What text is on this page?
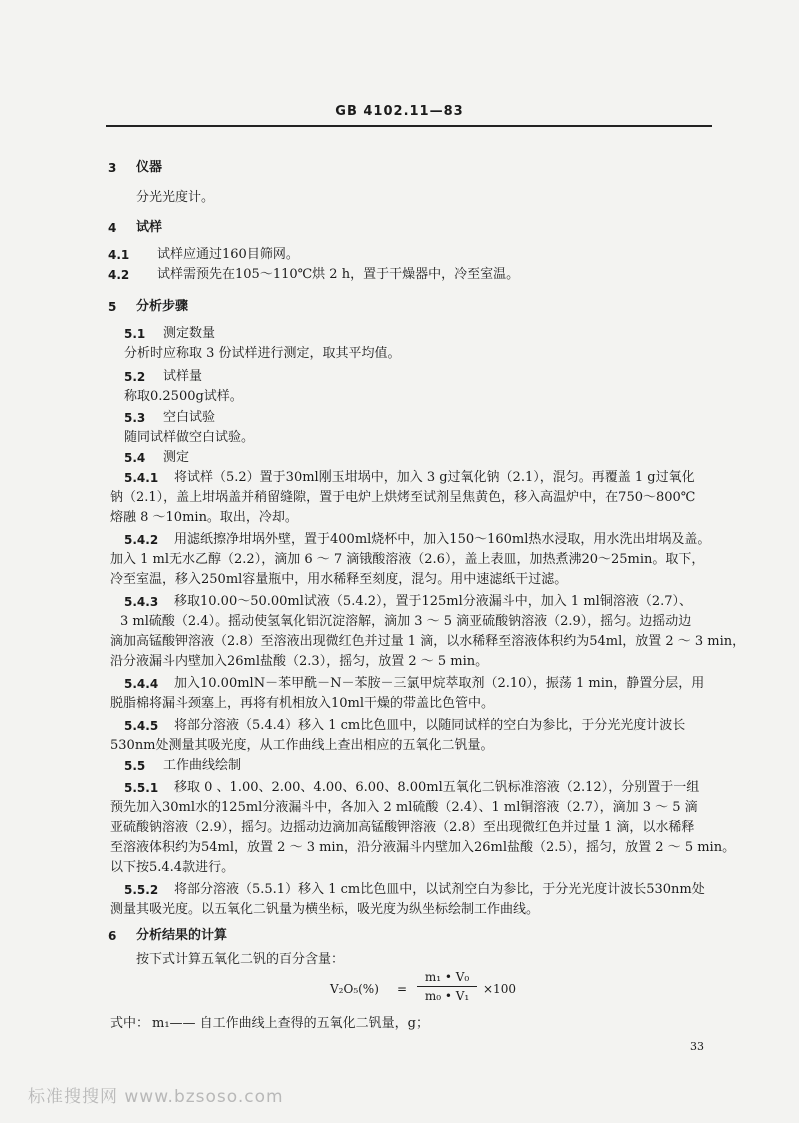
GB 4102.11—83
3 仪器
分光光度计。
4 试样
4.1 试样应通过160目筛网。
4.2 试样需预先在105～110℃烘 2 h，置于干燥器中，冷至室温。
5 分析步骤
5.1 测定数量
分析时应称取 3 份试样进行测定，取其平均值。
5.2 试样量
称取0.2500g试样。
5.3 空白试验
随同试样做空白试验。
5.4 测定
5.4.1 将试样（5.2）置于30ml刚玉坩埚中，加入 3 g过氧化钠（2.1），混匀。再覆盖 1 g过氧化
钠（2.1），盖上坩埚盖并稍留缝隙，置于电炉上烘烤至试剂呈焦黄色，移入高温炉中，在750～800℃
熔融 8 ～10min。取出，冷却。
5.4.2 用滤纸擦净坩埚外壁，置于400ml烧杯中，加入150～160ml热水浸取，用水洗出坩埚及盖。
加入 1 ml无水乙醇（2.2），滴加 6 ～ 7 滴锇酸溶液（2.6），盖上表皿，加热煮沸20～25min。取下，
冷至室温，移入250ml容量瓶中，用水稀释至刻度，混匀。用中速滤纸干过滤。
5.4.3 移取10.00～50.00ml试液（5.4.2），置于125ml分液漏斗中，加入 1 ml铜溶液（2.7）、
3 ml硫酸（2.4）。摇动使氢氧化铝沉淀溶解，滴加 3 ～ 5 滴亚硫酸钠溶液（2.9），摇匀。边摇动边
滴加高锰酸钾溶液（2.8）至溶液出现微红色并过量 1 滴，以水稀释至溶液体积约为54ml，放置 2 ～ 3 min，
沿分液漏斗内壁加入26ml盐酸（2.3），摇匀，放置 2 ～ 5 min。
5.4.4 加入10.00mlN－苯甲酰－N－苯胺－三氯甲烷萃取剂（2.10），振荡 1 min，静置分层，用
脱脂棉将漏斗颈塞上，再将有机相放入10ml干燥的带盖比色管中。
5.4.5 将部分溶液（5.4.4）移入 1 cm比色皿中，以随同试样的空白为参比，于分光光度计波长
530nm处测量其吸光度，从工作曲线上查出相应的五氧化二钒量。
5.5 工作曲线绘制
5.5.1 移取 0 、1.00、2.00、4.00、6.00、8.00ml五氧化二钒标准溶液（2.12），分别置于一组
预先加入30ml水的125ml分液漏斗中，各加入 2 ml硫酸（2.4）、1 ml铜溶液（2.7），滴加 3 ～ 5 滴
亚硫酸钠溶液（2.9），摇匀。边摇动边滴加高锰酸钾溶液（2.8）至出现微红色并过量 1 滴，以水稀释
至溶液体积约为54ml，放置 2 ～ 3 min，沿分液漏斗内壁加入26ml盐酸（2.5），摇匀，放置 2 ～ 5 min。
以下按5.4.4款进行。
5.5.2 将部分溶液（5.5.1）移入 1 cm比色皿中，以试剂空白为参比，于分光光度计波长530nm处
测量其吸光度。以五氧化二钒量为横坐标，吸光度为纵坐标绘制工作曲线。
6 分析结果的计算
按下式计算五氧化二钒的百分含量：
V₂O₅(%) =
m₁ • V₀
m₀ • V₁	×100
式中： m₁—— 自工作曲线上查得的五氧化二钒量，g；
33
标准搜搜网 www.bzsoso.com
